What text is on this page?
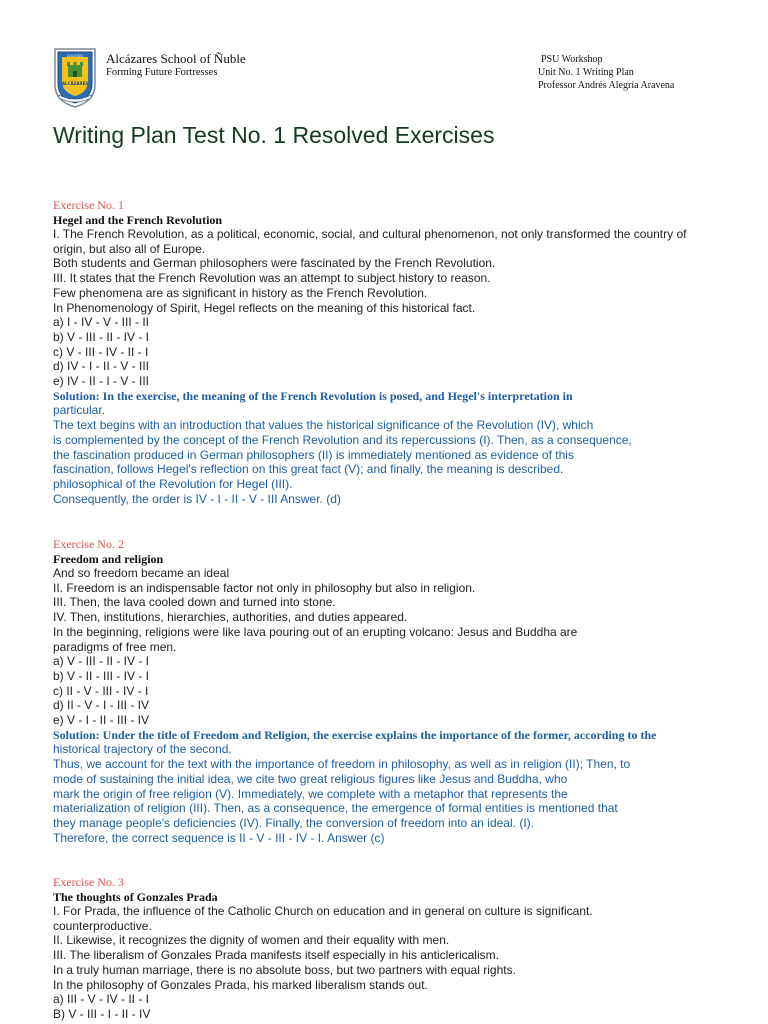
COLEGIO
ALCÁZARES
DE ÑUBLE
Alcázares School of Ñuble
Forming Future Fortresses
PSU Workshop
Unit No. 1 Writing Plan
Professor Andrés Alegría Aravena
Writing Plan Test No. 1 Resolved Exercises
Exercise No. 1
Hegel and the French Revolution
I. The French Revolution, as a political, economic, social, and cultural phenomenon, not only transformed the country of
origin, but also all of Europe.
Both students and German philosophers were fascinated by the French Revolution.
III. It states that the French Revolution was an attempt to subject history to reason.
Few phenomena are as significant in history as the French Revolution.
In Phenomenology of Spirit, Hegel reflects on the meaning of this historical fact.
a) I - IV - V - III - II
b) V - III - II - IV - I
c) V - III - IV - II - I
d) IV - I - II - V - III
e) IV - II - I - V - III
Solution: In the exercise, the meaning of the French Revolution is posed, and Hegel's interpretation in
particular.
The text begins with an introduction that values the historical significance of the Revolution (IV), which
is complemented by the concept of the French Revolution and its repercussions (I). Then, as a consequence,
the fascination produced in German philosophers (II) is immediately mentioned as evidence of this
fascination, follows Hegel's reflection on this great fact (V); and finally, the meaning is described.
philosophical of the Revolution for Hegel (III).
Consequently, the order is IV - I - II - V - III Answer. (d)
Exercise No. 2
Freedom and religion
And so freedom became an ideal
II. Freedom is an indispensable factor not only in philosophy but also in religion.
III. Then, the lava cooled down and turned into stone.
IV. Then, institutions, hierarchies, authorities, and duties appeared.
In the beginning, religions were like lava pouring out of an erupting volcano: Jesus and Buddha are
paradigms of free men.
a) V - III - II - IV - I
b) V - II - III - IV - I
c) II - V - III - IV - I
d) II - V - I - III - IV
e) V - I - II - III - IV
Solution: Under the title of Freedom and Religion, the exercise explains the importance of the former, according to the
historical trajectory of the second.
Thus, we account for the text with the importance of freedom in philosophy, as well as in religion (II); Then, to
mode of sustaining the initial idea, we cite two great religious figures like Jesus and Buddha, who
mark the origin of free religion (V). Immediately, we complete with a metaphor that represents the
materialization of religion (III). Then, as a consequence, the emergence of formal entities is mentioned that
they manage people's deficiencies (IV). Finally, the conversion of freedom into an ideal. (I).
Therefore, the correct sequence is II - V - III - IV - I. Answer (c)
Exercise No. 3
The thoughts of Gonzales Prada
I. For Prada, the influence of the Catholic Church on education and in general on culture is significant.
counterproductive.
II. Likewise, it recognizes the dignity of women and their equality with men.
III. The liberalism of Gonzales Prada manifests itself especially in his anticlericalism.
In a truly human marriage, there is no absolute boss, but two partners with equal rights.
In the philosophy of Gonzales Prada, his marked liberalism stands out.
a) III - V - IV - II - I
B) V - III - I - II - IV
